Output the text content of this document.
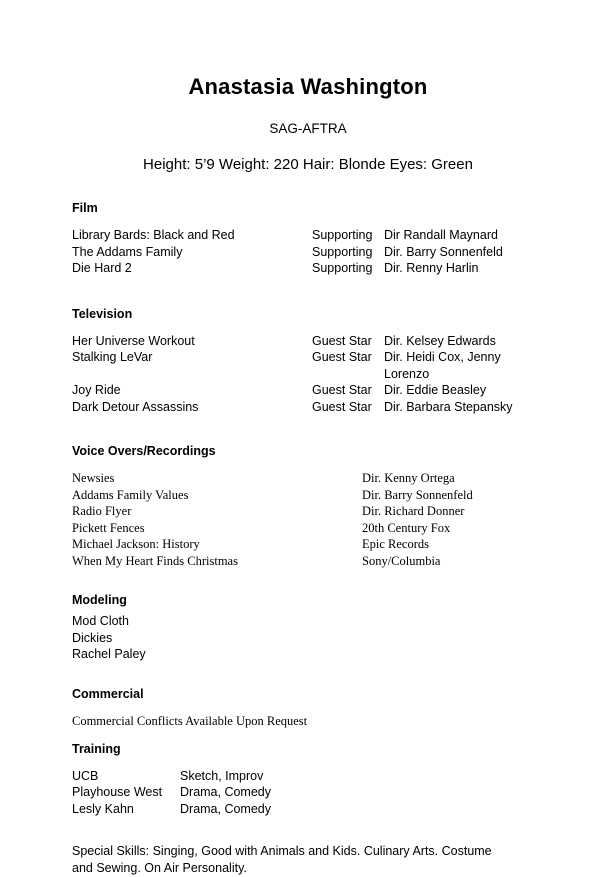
Anastasia Washington
SAG-AFTRA
Height: 5’9 Weight: 220 Hair: Blonde Eyes: Green
Film
Library Bards: Black and Red	Supporting	Dir Randall Maynard
The Addams Family	Supporting	Dir. Barry Sonnenfeld
Die Hard 2	Supporting	Dir. Renny Harlin
Television
Her Universe Workout	Guest Star	Dir. Kelsey Edwards
Stalking LeVar	Guest Star	Dir. Heidi Cox, Jenny Lorenzo
Joy Ride	Guest Star	Dir. Eddie Beasley
Dark Detour Assassins	Guest Star	Dir. Barbara Stepansky
Voice Overs/Recordings
Newsies	Dir. Kenny Ortega
Addams Family Values	Dir. Barry Sonnenfeld
Radio Flyer	Dir. Richard Donner
Pickett Fences	20th Century Fox
Michael Jackson: History	Epic Records
When My Heart Finds Christmas	Sony/Columbia
Modeling
Mod Cloth
Dickies
Rachel Paley
Commercial
Commercial Conflicts Available Upon Request
Training
UCB	Sketch, Improv
Playhouse West	Drama, Comedy
Lesly Kahn	Drama, Comedy
Special Skills: Singing, Good with Animals and Kids. Culinary Arts. Costume and Sewing. On Air Personality.
